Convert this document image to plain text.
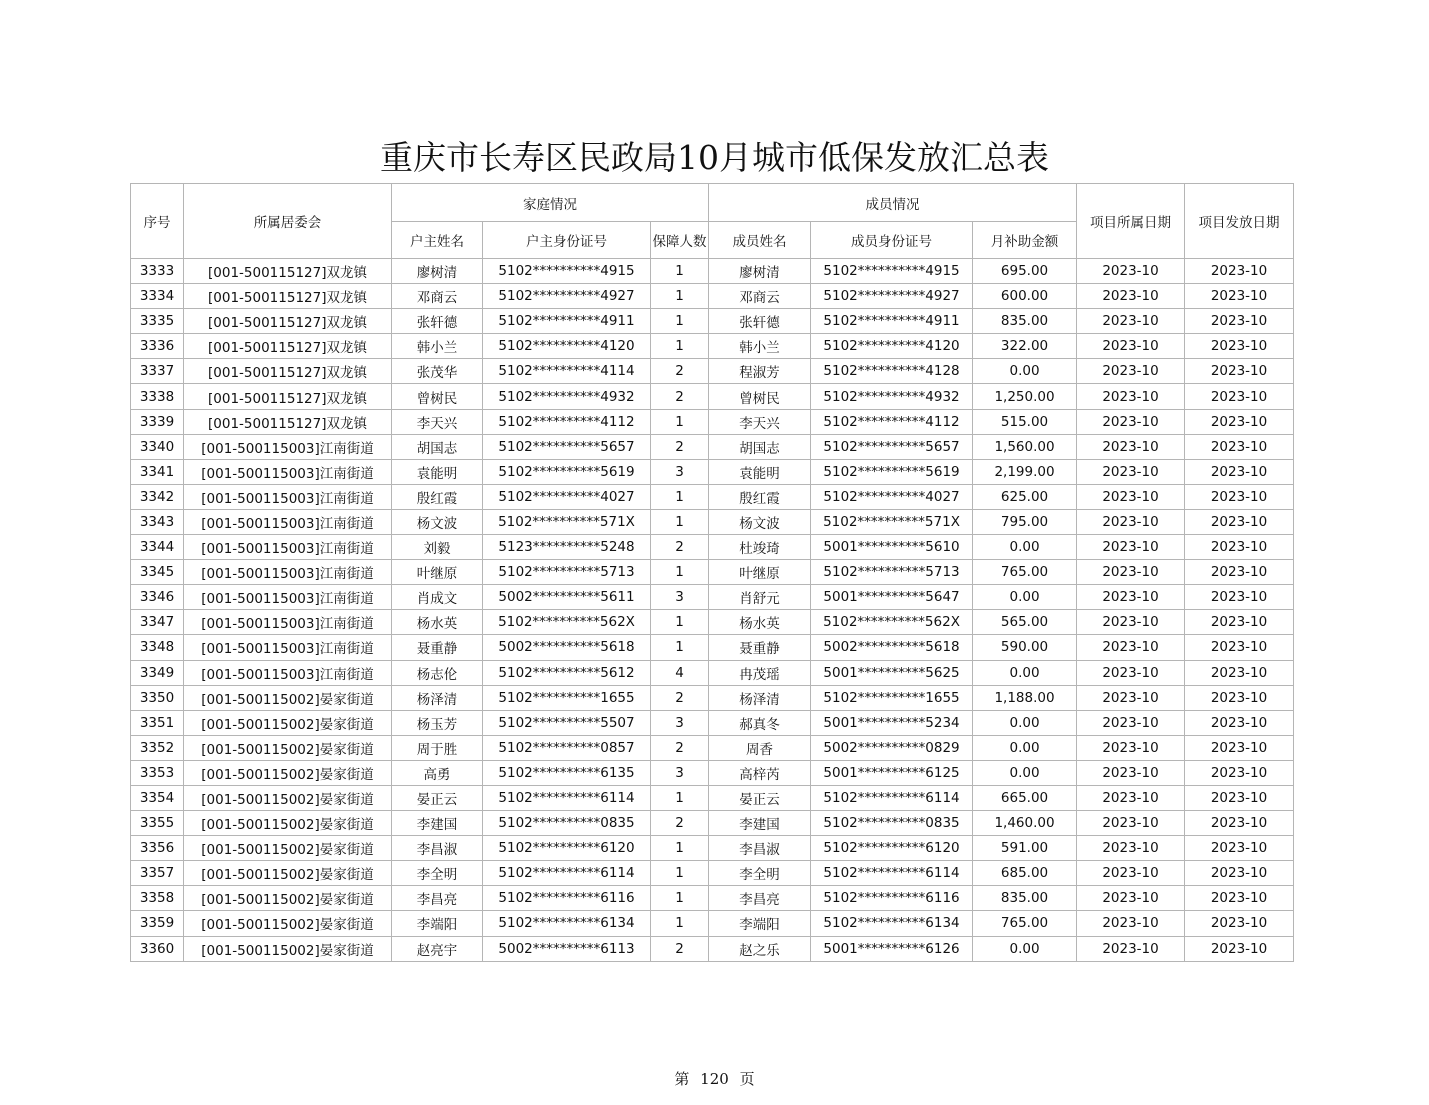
重庆市长寿区民政局10月城市低保发放汇总表
序号	所属居委会	家庭情况			成员情况			项目所属日期	项目发放日期
		户主姓名	户主身份证号	保障人数	成员姓名	成员身份证号	月补助金额		
3333	[001-500115127]双龙镇	廖树清	5102**********4915	1	廖树清	5102**********4915	695.00	2023-10	2023-10
3334	[001-500115127]双龙镇	邓商云	5102**********4927	1	邓商云	5102**********4927	600.00	2023-10	2023-10
3335	[001-500115127]双龙镇	张轩德	5102**********4911	1	张轩德	5102**********4911	835.00	2023-10	2023-10
3336	[001-500115127]双龙镇	韩小兰	5102**********4120	1	韩小兰	5102**********4120	322.00	2023-10	2023-10
3337	[001-500115127]双龙镇	张茂华	5102**********4114	2	程淑芳	5102**********4128	0.00	2023-10	2023-10
3338	[001-500115127]双龙镇	曾树民	5102**********4932	2	曾树民	5102**********4932	1,250.00	2023-10	2023-10
3339	[001-500115127]双龙镇	李天兴	5102**********4112	1	李天兴	5102**********4112	515.00	2023-10	2023-10
3340	[001-500115003]江南街道	胡国志	5102**********5657	2	胡国志	5102**********5657	1,560.00	2023-10	2023-10
3341	[001-500115003]江南街道	袁能明	5102**********5619	3	袁能明	5102**********5619	2,199.00	2023-10	2023-10
3342	[001-500115003]江南街道	殷红霞	5102**********4027	1	殷红霞	5102**********4027	625.00	2023-10	2023-10
3343	[001-500115003]江南街道	杨文波	5102**********571X	1	杨文波	5102**********571X	795.00	2023-10	2023-10
3344	[001-500115003]江南街道	刘毅	5123**********5248	2	杜竣琦	5001**********5610	0.00	2023-10	2023-10
3345	[001-500115003]江南街道	叶继原	5102**********5713	1	叶继原	5102**********5713	765.00	2023-10	2023-10
3346	[001-500115003]江南街道	肖成文	5002**********5611	3	肖舒元	5001**********5647	0.00	2023-10	2023-10
3347	[001-500115003]江南街道	杨水英	5102**********562X	1	杨水英	5102**********562X	565.00	2023-10	2023-10
3348	[001-500115003]江南街道	聂重静	5002**********5618	1	聂重静	5002**********5618	590.00	2023-10	2023-10
3349	[001-500115003]江南街道	杨志伦	5102**********5612	4	冉茂瑶	5001**********5625	0.00	2023-10	2023-10
3350	[001-500115002]晏家街道	杨泽清	5102**********1655	2	杨泽清	5102**********1655	1,188.00	2023-10	2023-10
3351	[001-500115002]晏家街道	杨玉芳	5102**********5507	3	郝真冬	5001**********5234	0.00	2023-10	2023-10
3352	[001-500115002]晏家街道	周于胜	5102**********0857	2	周香	5002**********0829	0.00	2023-10	2023-10
3353	[001-500115002]晏家街道	高勇	5102**********6135	3	高梓芮	5001**********6125	0.00	2023-10	2023-10
3354	[001-500115002]晏家街道	晏正云	5102**********6114	1	晏正云	5102**********6114	665.00	2023-10	2023-10
3355	[001-500115002]晏家街道	李建国	5102**********0835	2	李建国	5102**********0835	1,460.00	2023-10	2023-10
3356	[001-500115002]晏家街道	李昌淑	5102**********6120	1	李昌淑	5102**********6120	591.00	2023-10	2023-10
3357	[001-500115002]晏家街道	李全明	5102**********6114	1	李全明	5102**********6114	685.00	2023-10	2023-10
3358	[001-500115002]晏家街道	李昌亮	5102**********6116	1	李昌亮	5102**********6116	835.00	2023-10	2023-10
3359	[001-500115002]晏家街道	李端阳	5102**********6134	1	李端阳	5102**********6134	765.00	2023-10	2023-10
3360	[001-500115002]晏家街道	赵亮宇	5002**********6113	2	赵之乐	5001**********6126	0.00	2023-10	2023-10
第 120 页
